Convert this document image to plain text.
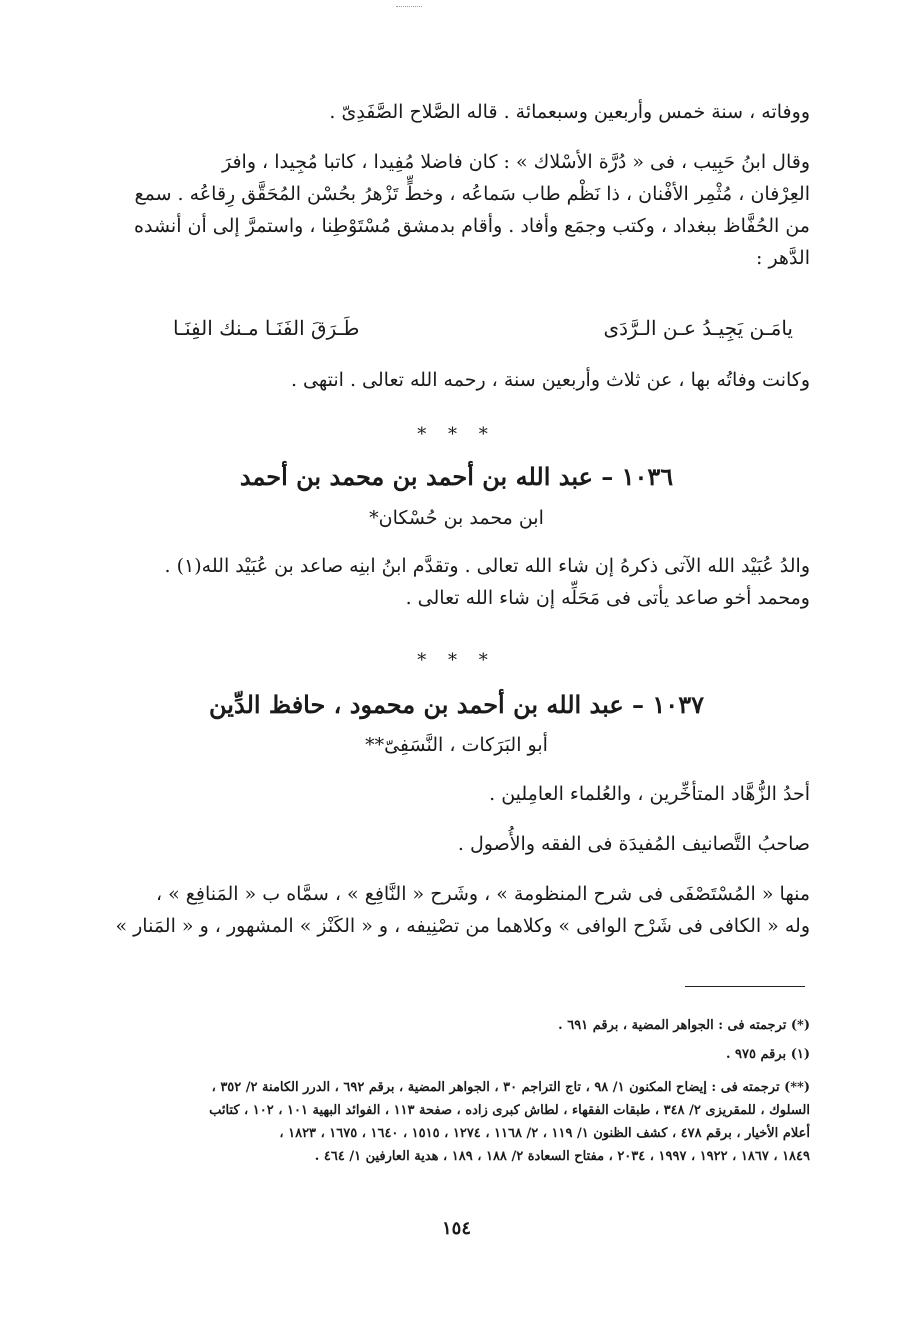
ووفاته ، سنة خمس وأربعين وسبعمائة . قاله الصَّلاح الصَّفَدِىّ .

وقال ابنُ حَبِيب ، فى « دُرَّة الأسْلاك » : كان فاضلا مُفِيدا ، كاتبا مُجِيدا ، وافرَ

العِرْفان ، مُثْمِر الأفْنان ، ذا نَظْم طاب سَماعُه ، وخطٍّ تَزْهرُ بحُسْن المُحَقَّق رِقاعُه . سمع

من الحُفَّاظ ببغداد ، وكتب وجمَع وأفاد . وأقام بدمشق مُسْتَوْطِنا ، واستمرَّ إلى أن أنشده

الدَّهر :

يامَـن يَجِيـدُ عـن الـرَّدَى
طَـرَقَ الفَنَـا مـنك الفِنَـا

وكانت وفاتُه بها ، عن ثلاث وأربعين سنة ، رحمه الله تعالى . انتهى .

* * *
١٠٣٦ – عبد الله بن أحمد بن محمد بن أحمد
ابن محمد بن حُسْكان*

والدُ عُبَيْد الله الآتى ذكرهُ إن شاء الله تعالى . وتقدَّم ابنُ ابنِه صاعد بن عُبَيْد الله(١) .

ومحمد أخو صاعد يأتى فى مَحَلِّه إن شاء الله تعالى .

* * *
١٠٣٧ – عبد الله بن أحمد بن محمود ، حافظ الدِّين
أبو البَرَكات ، النَّسَفِىّ**

أحدُ الزُّهَّاد المتأخِّرين ، والعُلماء العامِلين .

صاحبُ التَّصانيف المُفيدَة فى الفقه والأُصول .

منها « المُسْتَصْفَى فى شرح المنظومة » ، وشَرح « النَّافِع » ، سمَّاه ب « المَنافِع » ،

وله « الكافى فى شَرْح الوافى » وكلاهما من تصْنِيفه ، و « الكَنْز » المشهور ، و « المَنار »

(*) ترجمته فى : الجواهر المضية ، برقم ٦٩١ .
(١) برقم ٩٧٥ .
(**) ترجمته فى : إيضاح المكنون ١/ ٩٨ ، تاج التراجم ٣٠ ، الجواهر المضية ، برقم ٦٩٢ ، الدرر الكامنة ٢/ ٣٥٢ ،
السلوك ، للمقريزى ٢/ ٣٤٨ ، طبقات الفقهاء ، لطاش كبرى زاده ، صفحة ١١٣ ، الفوائد البهية ١٠١ ، ١٠٢ ، كتائب
أعلام الأخيار ، برقم ٤٧٨ ، كشف الظنون ١/ ١١٩ ، ٢/ ١١٦٨ ، ١٢٧٤ ، ١٥١٥ ، ١٦٤٠ ، ١٦٧٥ ، ١٨٢٣ ،
١٨٤٩ ، ١٨٦٧ ، ١٩٢٢ ، ١٩٩٧ ، ٢٠٣٤ ، مفتاح السعادة ٢/ ١٨٨ ، ١٨٩ ، هدية العارفين ١/ ٤٦٤ .
١٥٤
